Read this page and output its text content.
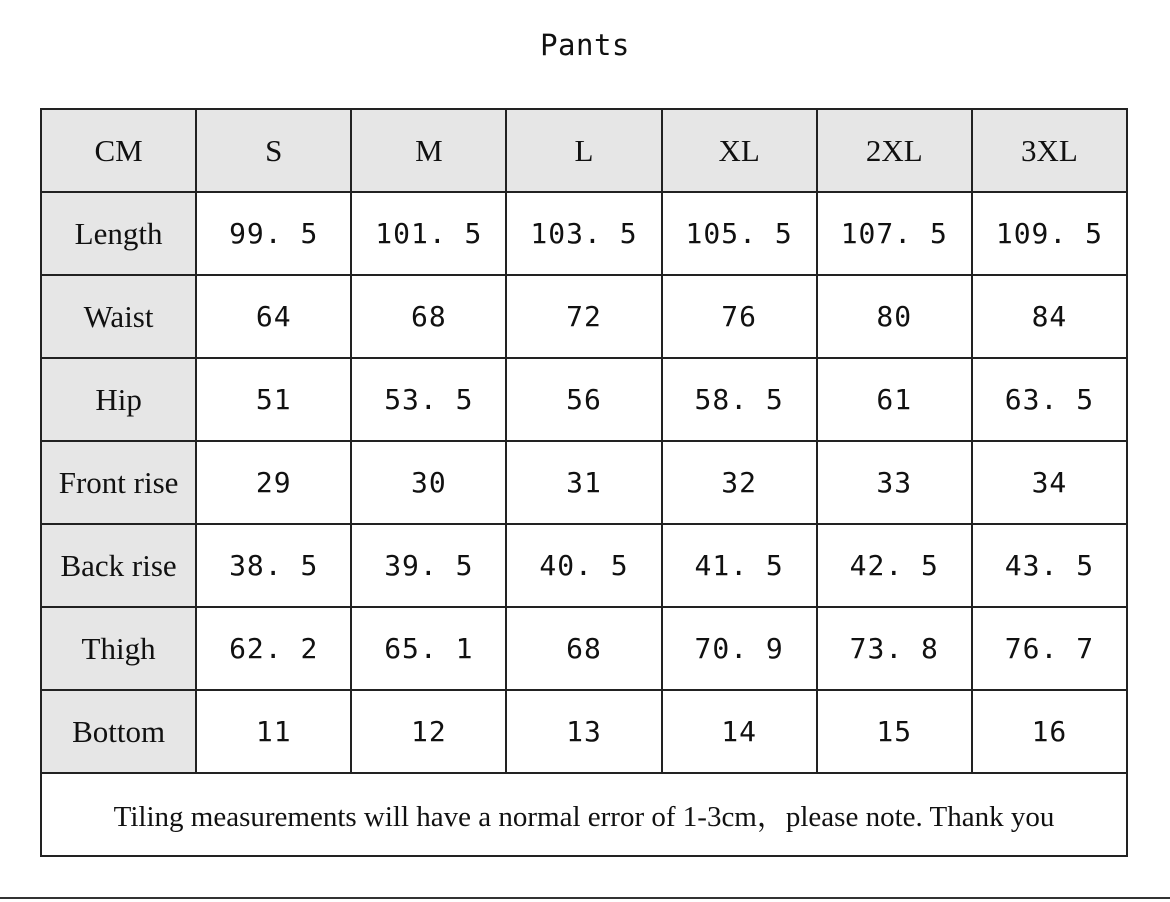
Pants
CM	S	M	L	XL	2XL	3XL
Length	99. 5	101. 5	103. 5	105. 5	107. 5	109. 5
Waist	64	68	72	76	80	84
Hip	51	53. 5	56	58. 5	61	63. 5
Front rise	29	30	31	32	33	34
Back rise	38. 5	39. 5	40. 5	41. 5	42. 5	43. 5
Thigh	62. 2	65. 1	68	70. 9	73. 8	76. 7
Bottom	11	12	13	14	15	16
Tiling measurements will have a normal error of 1-3cm，please note. Thank you						
